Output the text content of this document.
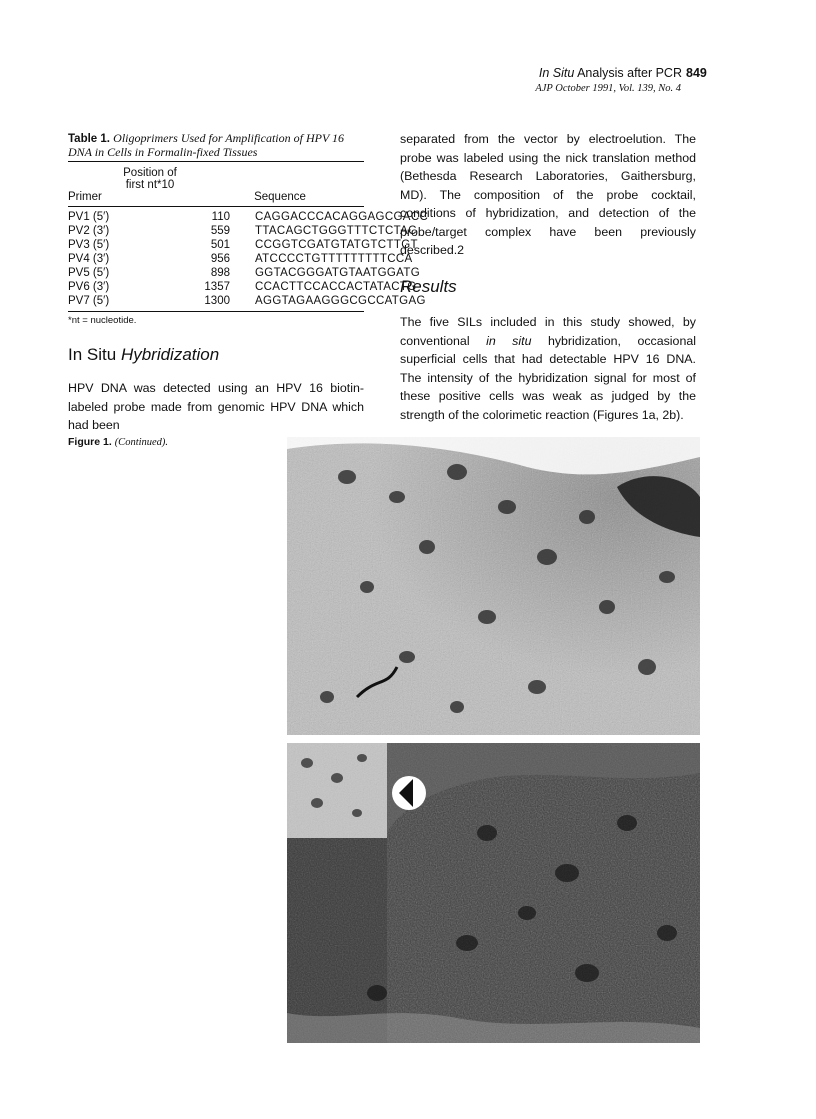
In Situ Analysis after PCR 849
AJP October 1991, Vol. 139, No. 4
Table 1. Oligoprimers Used for Amplification of HPV 16 DNA in Cells in Formalin-fixed Tissues
Primer
Position of first nt*10
Sequence
PV1 (5′)	110 CAGGACCCACAGGAGCGACC
PV2 (3′)	559 TTACAGCTGGGTTTCTCTAC
PV3 (5′)	501 CCGGTCGATGTATGTCTTGT
PV4 (3′)	956 ATCCCCTGTTTTTTTTTCCA
PV5 (5′)	898 GGTACGGGATGTAATGGATG
PV6 (3′)	1357 CCACTTCCACCACTATACTG
PV7 (5′)	1300 AGGTAGAAGGGCGCCATGAG
*nt = nucleotide.
In Situ Hybridization
HPV DNA was detected using an HPV 16 biotin-labeled probe made from genomic HPV DNA which had been
separated from the vector by electroelution. The probe was labeled using the nick translation method (Bethesda Research Laboratories, Gaithersburg, MD). The composition of the probe cocktail, conditions of hybridization, and detection of the probe/target complex have been previously described.2
Results
The five SILs included in this study showed, by conventional in situ hybridization, occasional superficial cells that had detectable HPV 16 DNA. The intensity of the hybridization signal for most of these positive cells was weak as judged by the strength of the colorimetic reaction (Figures 1a, 2b).
Figure 1. (Continued).
